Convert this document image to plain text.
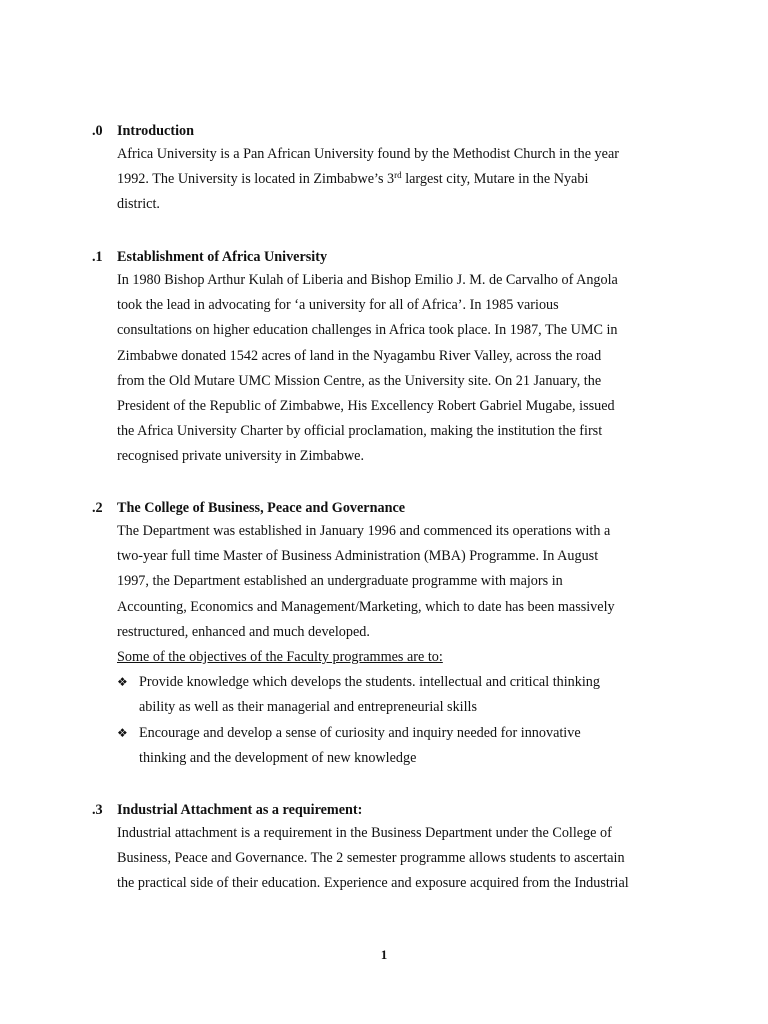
.0 Introduction
Africa University is a Pan African University found by the Methodist Church in the year
1992. The University is located in Zimbabwe’s 3rd largest city, Mutare in the Nyabi
district.
.1 Establishment of Africa University
In 1980 Bishop Arthur Kulah of Liberia and Bishop Emilio J. M. de Carvalho of Angola
took the lead in advocating for ‘a university for all of Africa’. In 1985 various
consultations on higher education challenges in Africa took place. In 1987, The UMC in
Zimbabwe donated 1542 acres of land in the Nyagambu River Valley, across the road
from the Old Mutare UMC Mission Centre, as the University site. On 21 January, the
President of the Republic of Zimbabwe, His Excellency Robert Gabriel Mugabe, issued
the Africa University Charter by official proclamation, making the institution the first
recognised private university in Zimbabwe.
.2 The College of Business, Peace and Governance
The Department was established in January 1996 and commenced its operations with a
two-year full time Master of Business Administration (MBA) Programme. In August
1997, the Department established an undergraduate programme with majors in
Accounting, Economics and Management/Marketing, which to date has been massively
restructured, enhanced and much developed.
Some of the objectives of the Faculty programmes are to:
❖ Provide knowledge which develops the students. intellectual and critical thinking
ability as well as their managerial and entrepreneurial skills
❖ Encourage and develop a sense of curiosity and inquiry needed for innovative
thinking and the development of new knowledge
.3 Industrial Attachment as a requirement:
Industrial attachment is a requirement in the Business Department under the College of
Business, Peace and Governance. The 2 semester programme allows students to ascertain
the practical side of their education. Experience and exposure acquired from the Industrial
1
